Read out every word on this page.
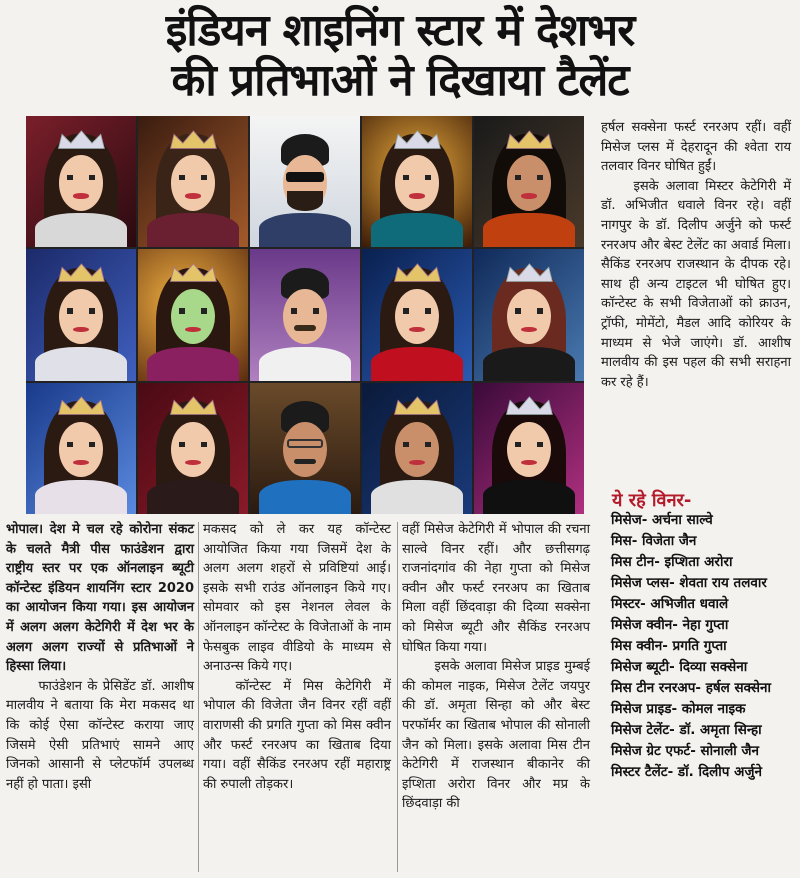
इंडियन शाइनिंग स्टार में देशभर
की प्रतिभाओं ने दिखाया टैलेंट

हर्षल सक्सेना फर्स्ट रनरअप रहीं। वहीं मिसेज प्लस में देहरादून की श्वेता राय तलवार विनर घोषित हुईं।

इसके अलावा मिस्टर केटेगिरी में डॉ. अभिजीत धवाले विनर रहे। वहीं नागपुर के डॉ. दिलीप अर्जुने को फर्स्ट रनरअप और बेस्ट टेलेंट का अवार्ड मिला। सैकिंड रनरअप राजस्थान के दीपक रहे। साथ ही अन्य टाइटल भी घोषित हुए। कॉन्टेस्ट के सभी विजेताओं को क्राउन, ट्रॉफी, मोमेंटो, मैडल आदि कोरियर के माध्यम से भेजे जाएंगे। डॉ. आशीष मालवीय की इस पहल की सभी सराहना कर रहे हैं।

ये रहे विनर-

मिसेज- अर्चना साल्वे

मिस- विजेता जैन

मिस टीन- इप्शिता अरोरा

मिसेज प्लस- शेवता राय तलवार

मिस्टर- अभिजीत धवाले

मिसेज क्वीन- नेहा गुप्ता

मिस क्वीन- प्रगति गुप्ता

मिसेज ब्यूटी- दिव्या सक्सेना

मिस टीन रनरअप- हर्षल सक्सेना

मिसेज प्राइड- कोमल नाइक

मिसेज टेलेंट- डॉ. अमृता सिन्हा

मिसेज ग्रेट एफर्ट- सोनाली जैन

मिस्टर टैलेंट- डॉ. दिलीप अर्जुने

भोपाल। देश मे चल रहे कोरोना संकट के चलते मैत्री पीस फाउंडेशन द्वारा राष्ट्रीय स्तर पर एक ऑनलाइन ब्यूटी कॉन्टेस्ट इंडियन शायनिंग स्टार 2020 का आयोजन किया गया। इस आयोजन में अलग अलग केटेगिरी में देश भर के अलग अलग राज्यों से प्रतिभाओं ने हिस्सा लिया।

फाउंडेशन के प्रेसिडेंट डॉ. आशीष मालवीय ने बताया कि मेरा मकसद था कि कोई ऐसा कॉन्टेस्ट कराया जाए जिसमे ऐसी प्रतिभाएं सामने आए जिनको आसानी से प्लेटफॉर्म उपलब्ध नहीं हो पाता। इसी

मकसद को ले कर यह कॉन्टेस्ट आयोजित किया गया जिसमें देश के अलग अलग शहरों से प्रविष्टियां आई। इसके सभी राउंड ऑनलाइन किये गए। सोमवार को इस नेशनल लेवल के ऑनलाइन कॉन्टेस्ट के विजेताओं के नाम फेसबुक लाइव वीडियो के माध्यम से अनाउन्स किये गए।

कॉन्टेस्ट में मिस केटेगिरी में भोपाल की विजेता जैन विनर रहीं वहीं वाराणसी की प्रगति गुप्ता को मिस क्वीन और फर्स्ट रनरअप का खिताब दिया गया। वहीं सैकिंड रनरअप रहीं महाराष्ट्र की रुपाली तोड़कर।

वहीं मिसेज केटेगिरी में भोपाल की रचना साल्वे विनर रहीं। और छत्तीसगढ़ राजनांदगांव की नेहा गुप्ता को मिसेज क्वीन और फर्स्ट रनरअप का खिताब मिला वहीं छिंदवाड़ा की दिव्या सक्सेना को मिसेज ब्यूटी और सैकिंड रनरअप घोषित किया गया।

इसके अलावा मिसेज प्राइड मुम्बई की कोमल नाइक, मिसेज टेलेंट जयपुर की डॉ. अमृता सिन्हा को और बेस्ट परफॉर्मर का खिताब भोपाल की सोनाली जैन को मिला। इसके अलावा मिस टीन केटेगिरी में राजस्थान बीकानेर की इप्शिता अरोरा विनर और मप्र के छिंदवाड़ा की
